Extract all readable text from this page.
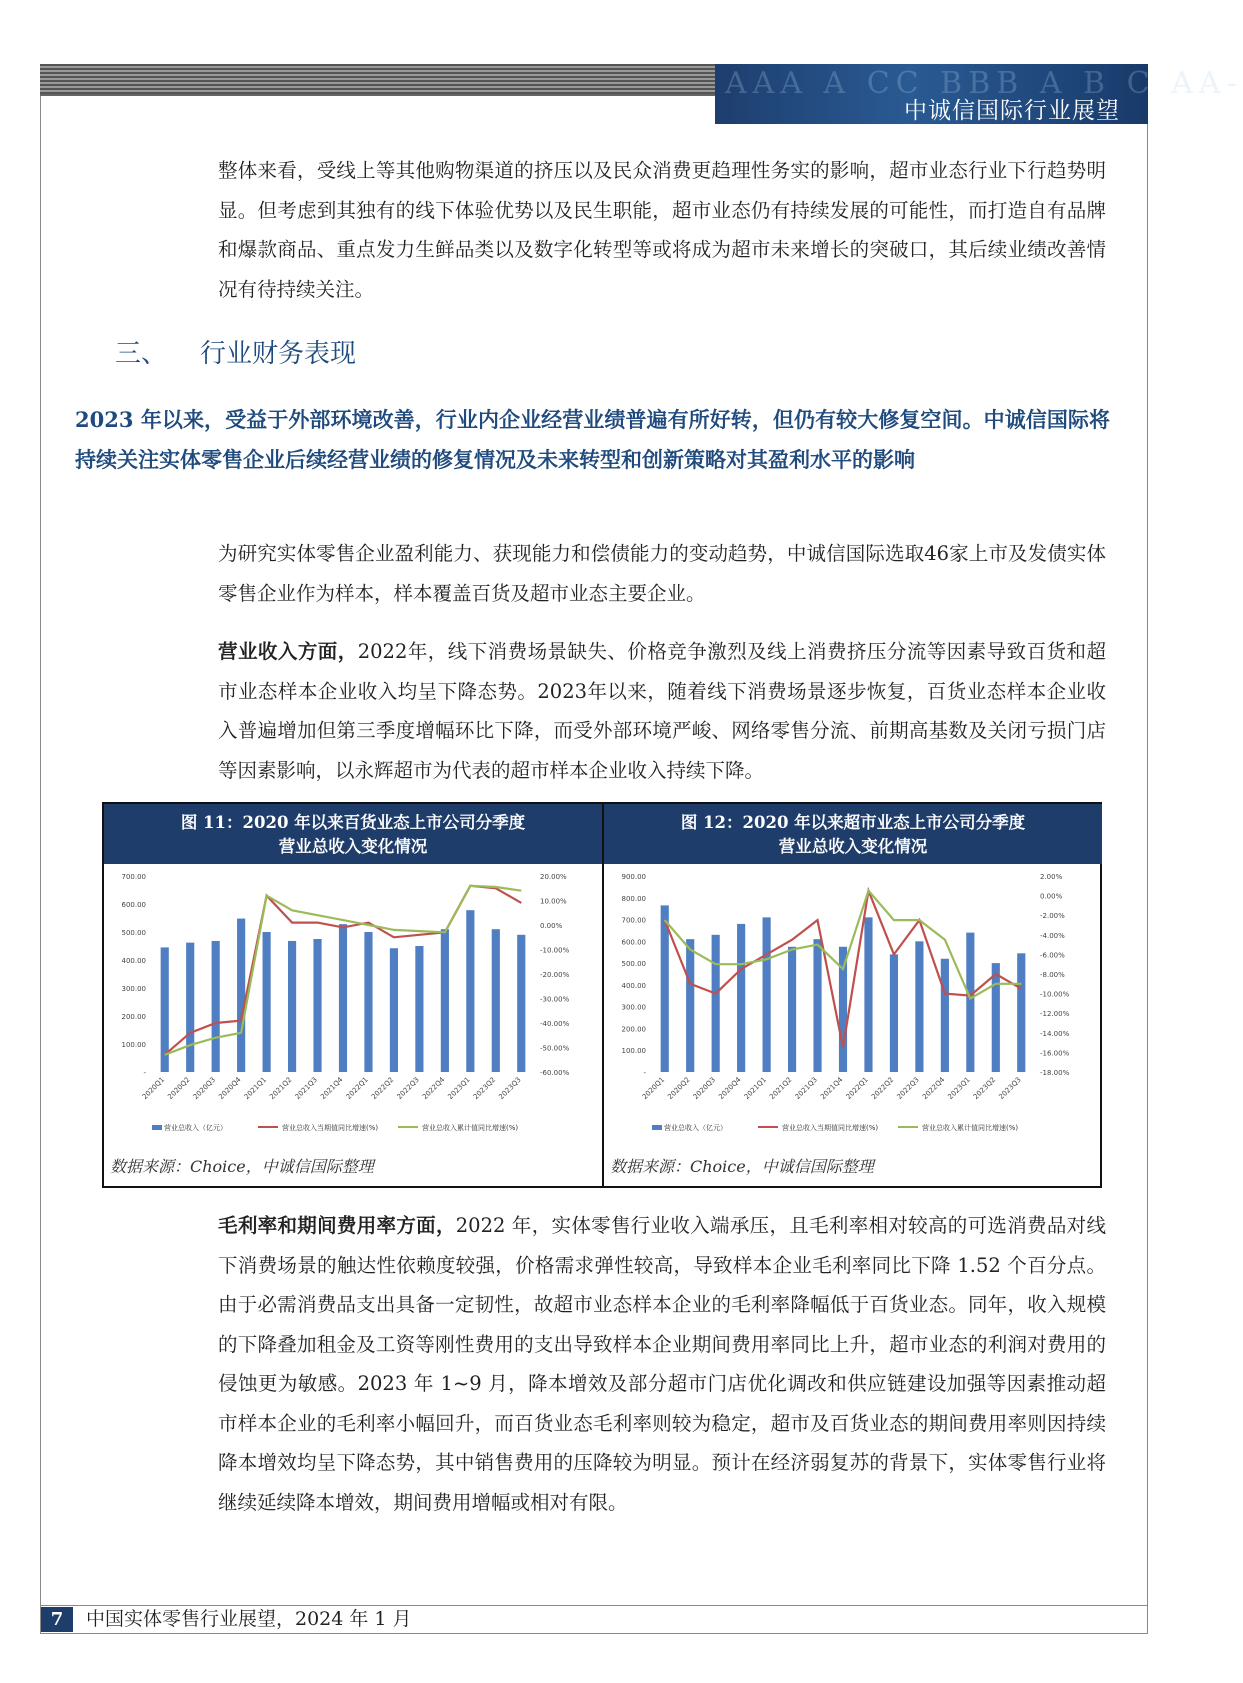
AAA A CC BBB A B C AA-
中诚信国际行业展望

整体来看，受线上等其他购物渠道的挤压以及民众消费更趋理性务实的影响，超市业态行业下行趋势明显。但考虑到其独有的线下体验优势以及民生职能，超市业态仍有持续发展的可能性，而打造自有品牌和爆款商品、重点发力生鲜品类以及数字化转型等或将成为超市未来增长的突破口，其后续业绩改善情况有待持续关注。

三、 行业财务表现

2023 年以来，受益于外部环境改善，行业内企业经营业绩普遍有所好转，但仍有较大修复空间。中诚信国际将持续关注实体零售企业后续经营业绩的修复情况及未来转型和创新策略对其盈利水平的影响

为研究实体零售企业盈利能力、获现能力和偿债能力的变动趋势，中诚信国际选取46家上市及发债实体零售企业作为样本，样本覆盖百货及超市业态主要企业。

营业收入方面，2022年，线下消费场景缺失、价格竞争激烈及线上消费挤压分流等因素导致百货和超市业态样本企业收入均呈下降态势。2023年以来，随着线下消费场景逐步恢复，百货业态样本企业收入普遍增加但第三季度增幅环比下降，而受外部环境严峻、网络零售分流、前期高基数及关闭亏损门店等因素影响，以永辉超市为代表的超市样本企业收入持续下降。

图 11：2020 年以来百货业态上市公司分季度
营业总收入变化情况
700.00
600.00
500.00
400.00
300.00
200.00
100.00
-
20.00%
10.00%
0.00%
-10.00%
-20.00%
-30.00%
-40.00%
-50.00%
-60.00%
2020Q1 2020Q2 2020Q3 2020Q4 2021Q1 2021Q2 2021Q3 2021Q4 2022Q1 2022Q2 2022Q3 2022Q4 2023Q1 2023Q2 2023Q3
营业总收入（亿元）	营业总收入当期值同比增速(%)	营业总收入累计值同比增速(%)
数据来源：Choice，中诚信国际整理
图 12：2020 年以来超市业态上市公司分季度
营业总收入变化情况
900.00
800.00
700.00
600.00
500.00
400.00
300.00
200.00
100.00
-
2.00%
0.00%
-2.00%
-4.00%
-6.00%
-8.00%
-10.00%
-12.00%
-14.00%
-16.00%
-18.00%
2020Q1 2020Q2 2020Q3 2020Q4 2021Q1 2021Q2 2021Q3 2021Q4 2022Q1 2022Q2 2022Q3 2022Q4 2023Q1 2023Q2 2023Q3
营业总收入（亿元）	营业总收入当期值同比增速(%)	营业总收入累计值同比增速(%)
数据来源：Choice，中诚信国际整理

毛利率和期间费用率方面，2022 年，实体零售行业收入端承压，且毛利率相对较高的可选消费品对线下消费场景的触达性依赖度较强，价格需求弹性较高，导致样本企业毛利率同比下降 1.52 个百分点。由于必需消费品支出具备一定韧性，故超市业态样本企业的毛利率降幅低于百货业态。同年，收入规模的下降叠加租金及工资等刚性费用的支出导致样本企业期间费用率同比上升，超市业态的利润对费用的侵蚀更为敏感。2023 年 1~9 月，降本增效及部分超市门店优化调改和供应链建设加强等因素推动超市样本企业的毛利率小幅回升，而百货业态毛利率则较为稳定，超市及百货业态的期间费用率则因持续降本增效均呈下降态势，其中销售费用的压降较为明显。预计在经济弱复苏的背景下，实体零售行业将继续延续降本增效，期间费用增幅或相对有限。

7	中国实体零售行业展望，2024 年 1 月
